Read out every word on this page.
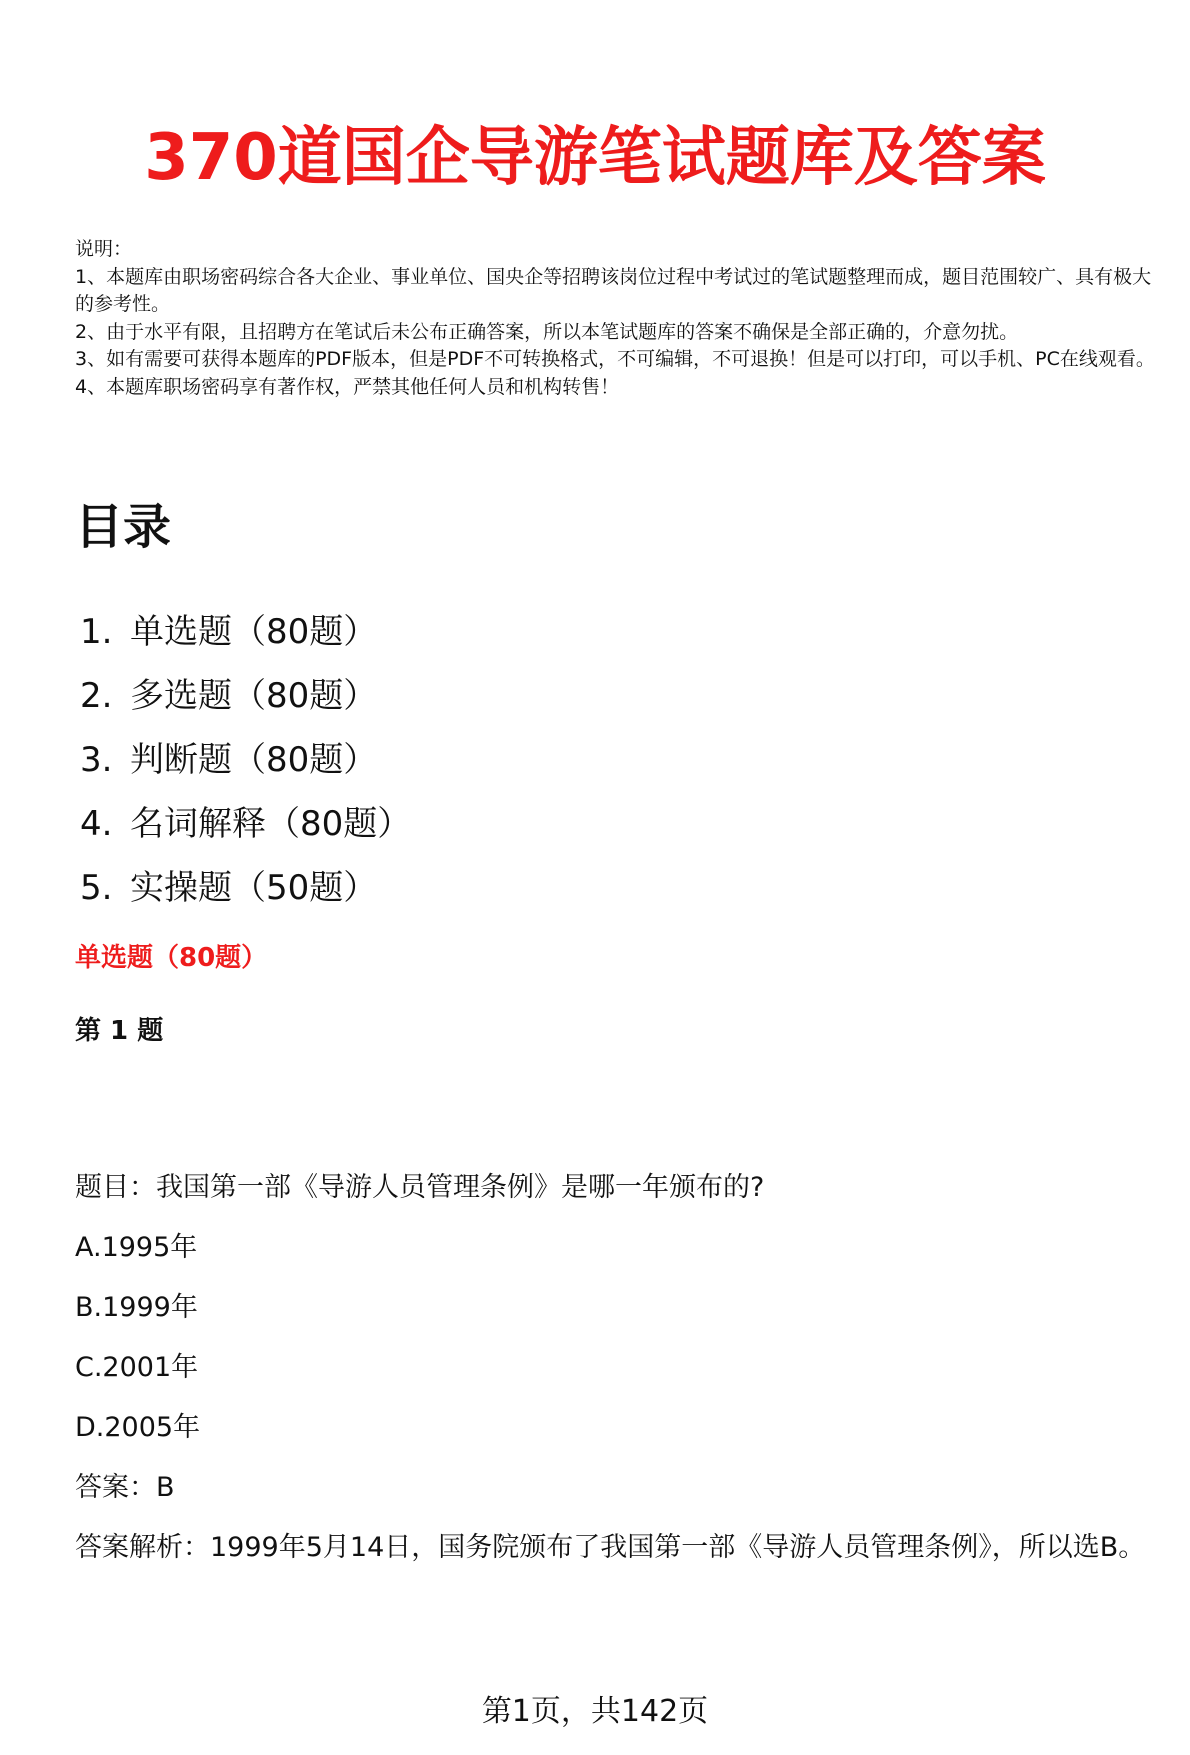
370道国企导游笔试题库及答案

说明：

1、本题库由职场密码综合各大企业、事业单位、国央企等招聘该岗位过程中考试过的笔试题整理而成，题目范围较广、具有极大的参考性。

2、由于水平有限，且招聘方在笔试后未公布正确答案，所以本笔试题库的答案不确保是全部正确的，介意勿扰。

3、如有需要可获得本题库的PDF版本，但是PDF不可转换格式，不可编辑，不可退换！但是可以打印，可以手机、PC在线观看。

4、本题库职场密码享有著作权，严禁其他任何人员和机构转售！

目录
1. 单选题（80题）
2. 多选题（80题）
3. 判断题（80题）
4. 名词解释（80题）
5. 实操题（50题）
单选题（80题）
第 1 题
题目：我国第一部《导游人员管理条例》是哪一年颁布的?
A.1995年
B.1999年
C.2001年
D.2005年
答案：B
答案解析：1999年5月14日，国务院颁布了我国第一部《导游人员管理条例》，所以选B。
第1页，共142页
